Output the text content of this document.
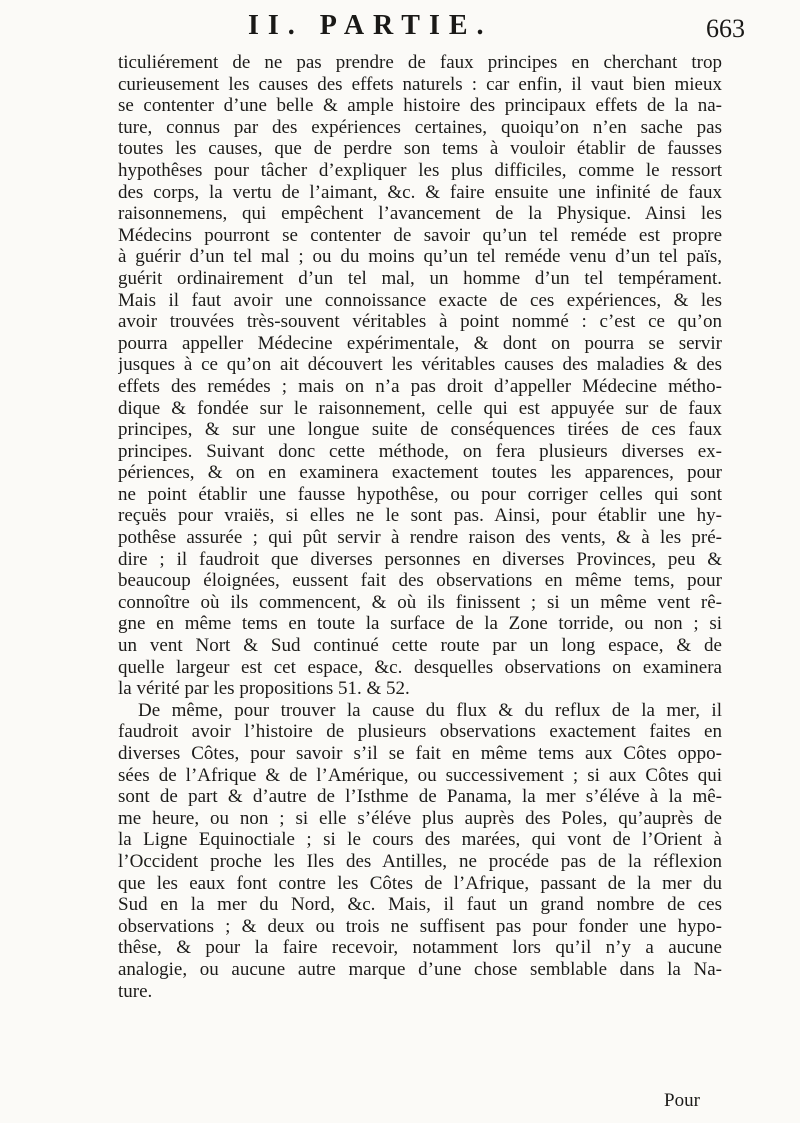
II. PARTIE.	663
ticuliérement de ne pas prendre de faux principes en cherchant trop
curieusement les causes des effets naturels : car enfin, il vaut bien mieux
se contenter d’une belle & ample histoire des principaux effets de la na-
ture, connus par des expériences certaines, quoiqu’on n’en sache pas
toutes les causes, que de perdre son tems à vouloir établir de fausses
hypothêses pour tâcher d’expliquer les plus difficiles, comme le ressort
des corps, la vertu de l’aimant, &c. & faire ensuite une infinité de faux
raisonnemens, qui empêchent l’avancement de la Physique. Ainsi les
Médecins pourront se contenter de savoir qu’un tel reméde est propre
à guérir d’un tel mal ; ou du moins qu’un tel reméde venu d’un tel païs,
guérit ordinairement d’un tel mal, un homme d’un tel tempérament.
Mais il faut avoir une connoissance exacte de ces expériences, & les
avoir trouvées très-souvent véritables à point nommé : c’est ce qu’on
pourra appeller Médecine expérimentale, & dont on pourra se servir
jusques à ce qu’on ait découvert les véritables causes des maladies & des
effets des remédes ; mais on n’a pas droit d’appeller Médecine métho-
dique & fondée sur le raisonnement, celle qui est appuyée sur de faux
principes, & sur une longue suite de conséquences tirées de ces faux
principes. Suivant donc cette méthode, on fera plusieurs diverses ex-
périences, & on en examinera exactement toutes les apparences, pour
ne point établir une fausse hypothêse, ou pour corriger celles qui sont
reçuës pour vraiës, si elles ne le sont pas. Ainsi, pour établir une hy-
pothêse assurée ; qui pût servir à rendre raison des vents, & à les pré-
dire ; il faudroit que diverses personnes en diverses Provinces, peu &
beaucoup éloignées, eussent fait des observations en même tems, pour
connoître où ils commencent, & où ils finissent ; si un même vent rê-
gne en même tems en toute la surface de la Zone torride, ou non ; si
un vent Nort & Sud continué cette route par un long espace, & de
quelle largeur est cet espace, &c. desquelles observations on examinera
la vérité par les propositions 51. & 52.
De même, pour trouver la cause du flux & du reflux de la mer, il
faudroit avoir l’histoire de plusieurs observations exactement faites en
diverses Côtes, pour savoir s’il se fait en même tems aux Côtes oppo-
sées de l’Afrique & de l’Amérique, ou successivement ; si aux Côtes qui
sont de part & d’autre de l’Isthme de Panama, la mer s’éléve à la mê-
me heure, ou non ; si elle s’éléve plus auprès des Poles, qu’auprès de
la Ligne Equinoctiale ; si le cours des marées, qui vont de l’Orient à
l’Occident proche les Iles des Antilles, ne procéde pas de la réflexion
que les eaux font contre les Côtes de l’Afrique, passant de la mer du
Sud en la mer du Nord, &c. Mais, il faut un grand nombre de ces
observations ; & deux ou trois ne suffisent pas pour fonder une hypo-
thêse, & pour la faire recevoir, notamment lors qu’il n’y a aucune
analogie, ou aucune autre marque d’une chose semblable dans la Na-
ture.
Pour
